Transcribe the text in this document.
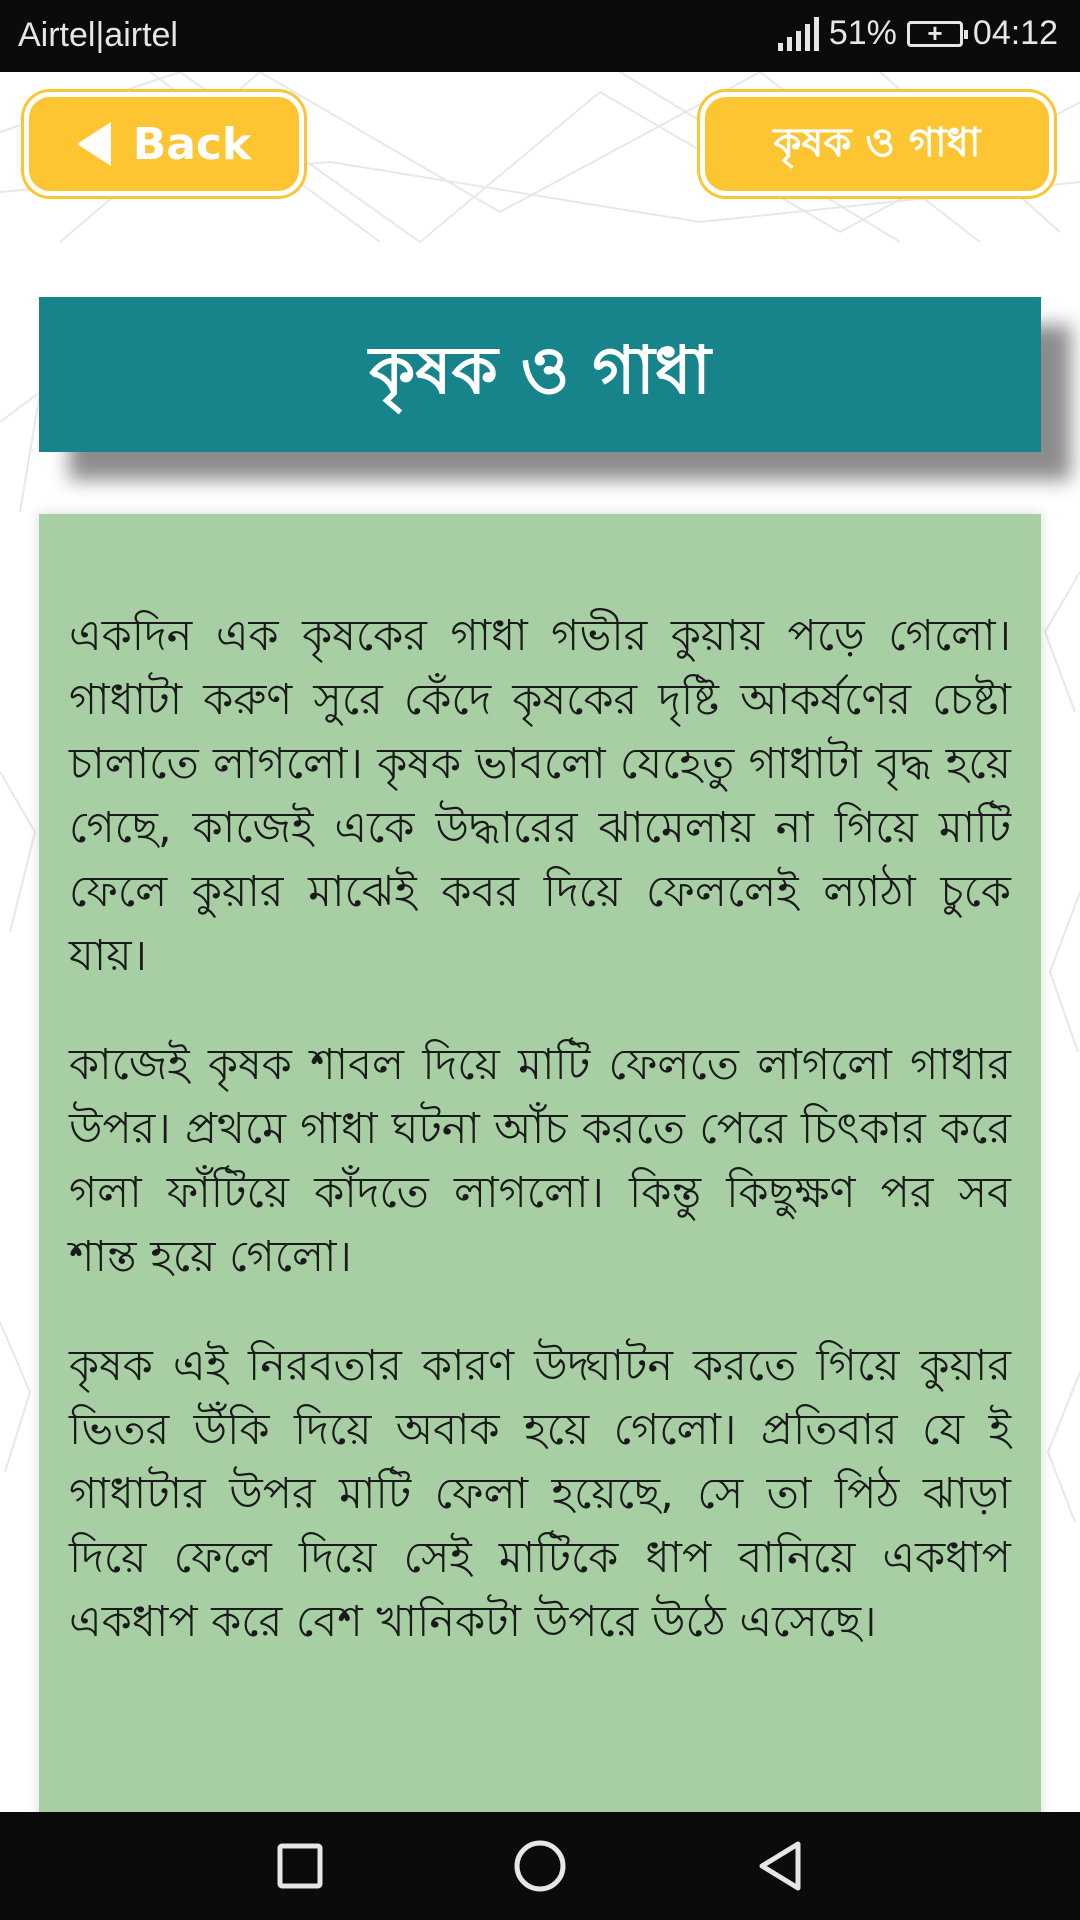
Airtel|airtel	51%	+ 04:12
Back	কৃষক ও গাধা
কৃষক ও গাধা

একদিন এক কৃষকের গাধা গভীর কুয়ায় পড়ে গেলো। গাধাটা করুণ সুরে কেঁদে কৃষকের দৃষ্টি আকর্ষণের চেষ্টা চালাতে লাগলো। কৃষক ভাবলো যেহেতু গাধাটা বৃদ্ধ হয়ে গেছে, কাজেই একে উদ্ধারের ঝামেলায় না গিয়ে মাটি ফেলে কুয়ার মাঝেই কবর দিয়ে ফেললেই ল্যাঠা চুকে যায়।

কাজেই কৃষক শাবল দিয়ে মাটি ফেলতে লাগলো গাধার উপর। প্রথমে গাধা ঘটনা আঁচ করতে পেরে চিৎকার করে গলা ফাঁটিয়ে কাঁদতে লাগলো। কিন্তু কিছুক্ষণ পর সব শান্ত হয়ে গেলো।

কৃষক এই নিরবতার কারণ উদ্ঘাটন করতে গিয়ে কুয়ার ভিতর উঁকি দিয়ে অবাক হয়ে গেলো। প্রতিবার যে ই গাধাটার উপর মাটি ফেলা হয়েছে, সে তা পিঠ ঝাড়া দিয়ে ফেলে দিয়ে সেই মাটিকে ধাপ বানিয়ে একধাপ একধাপ করে বেশ খানিকটা উপরে উঠে এসেছে।
